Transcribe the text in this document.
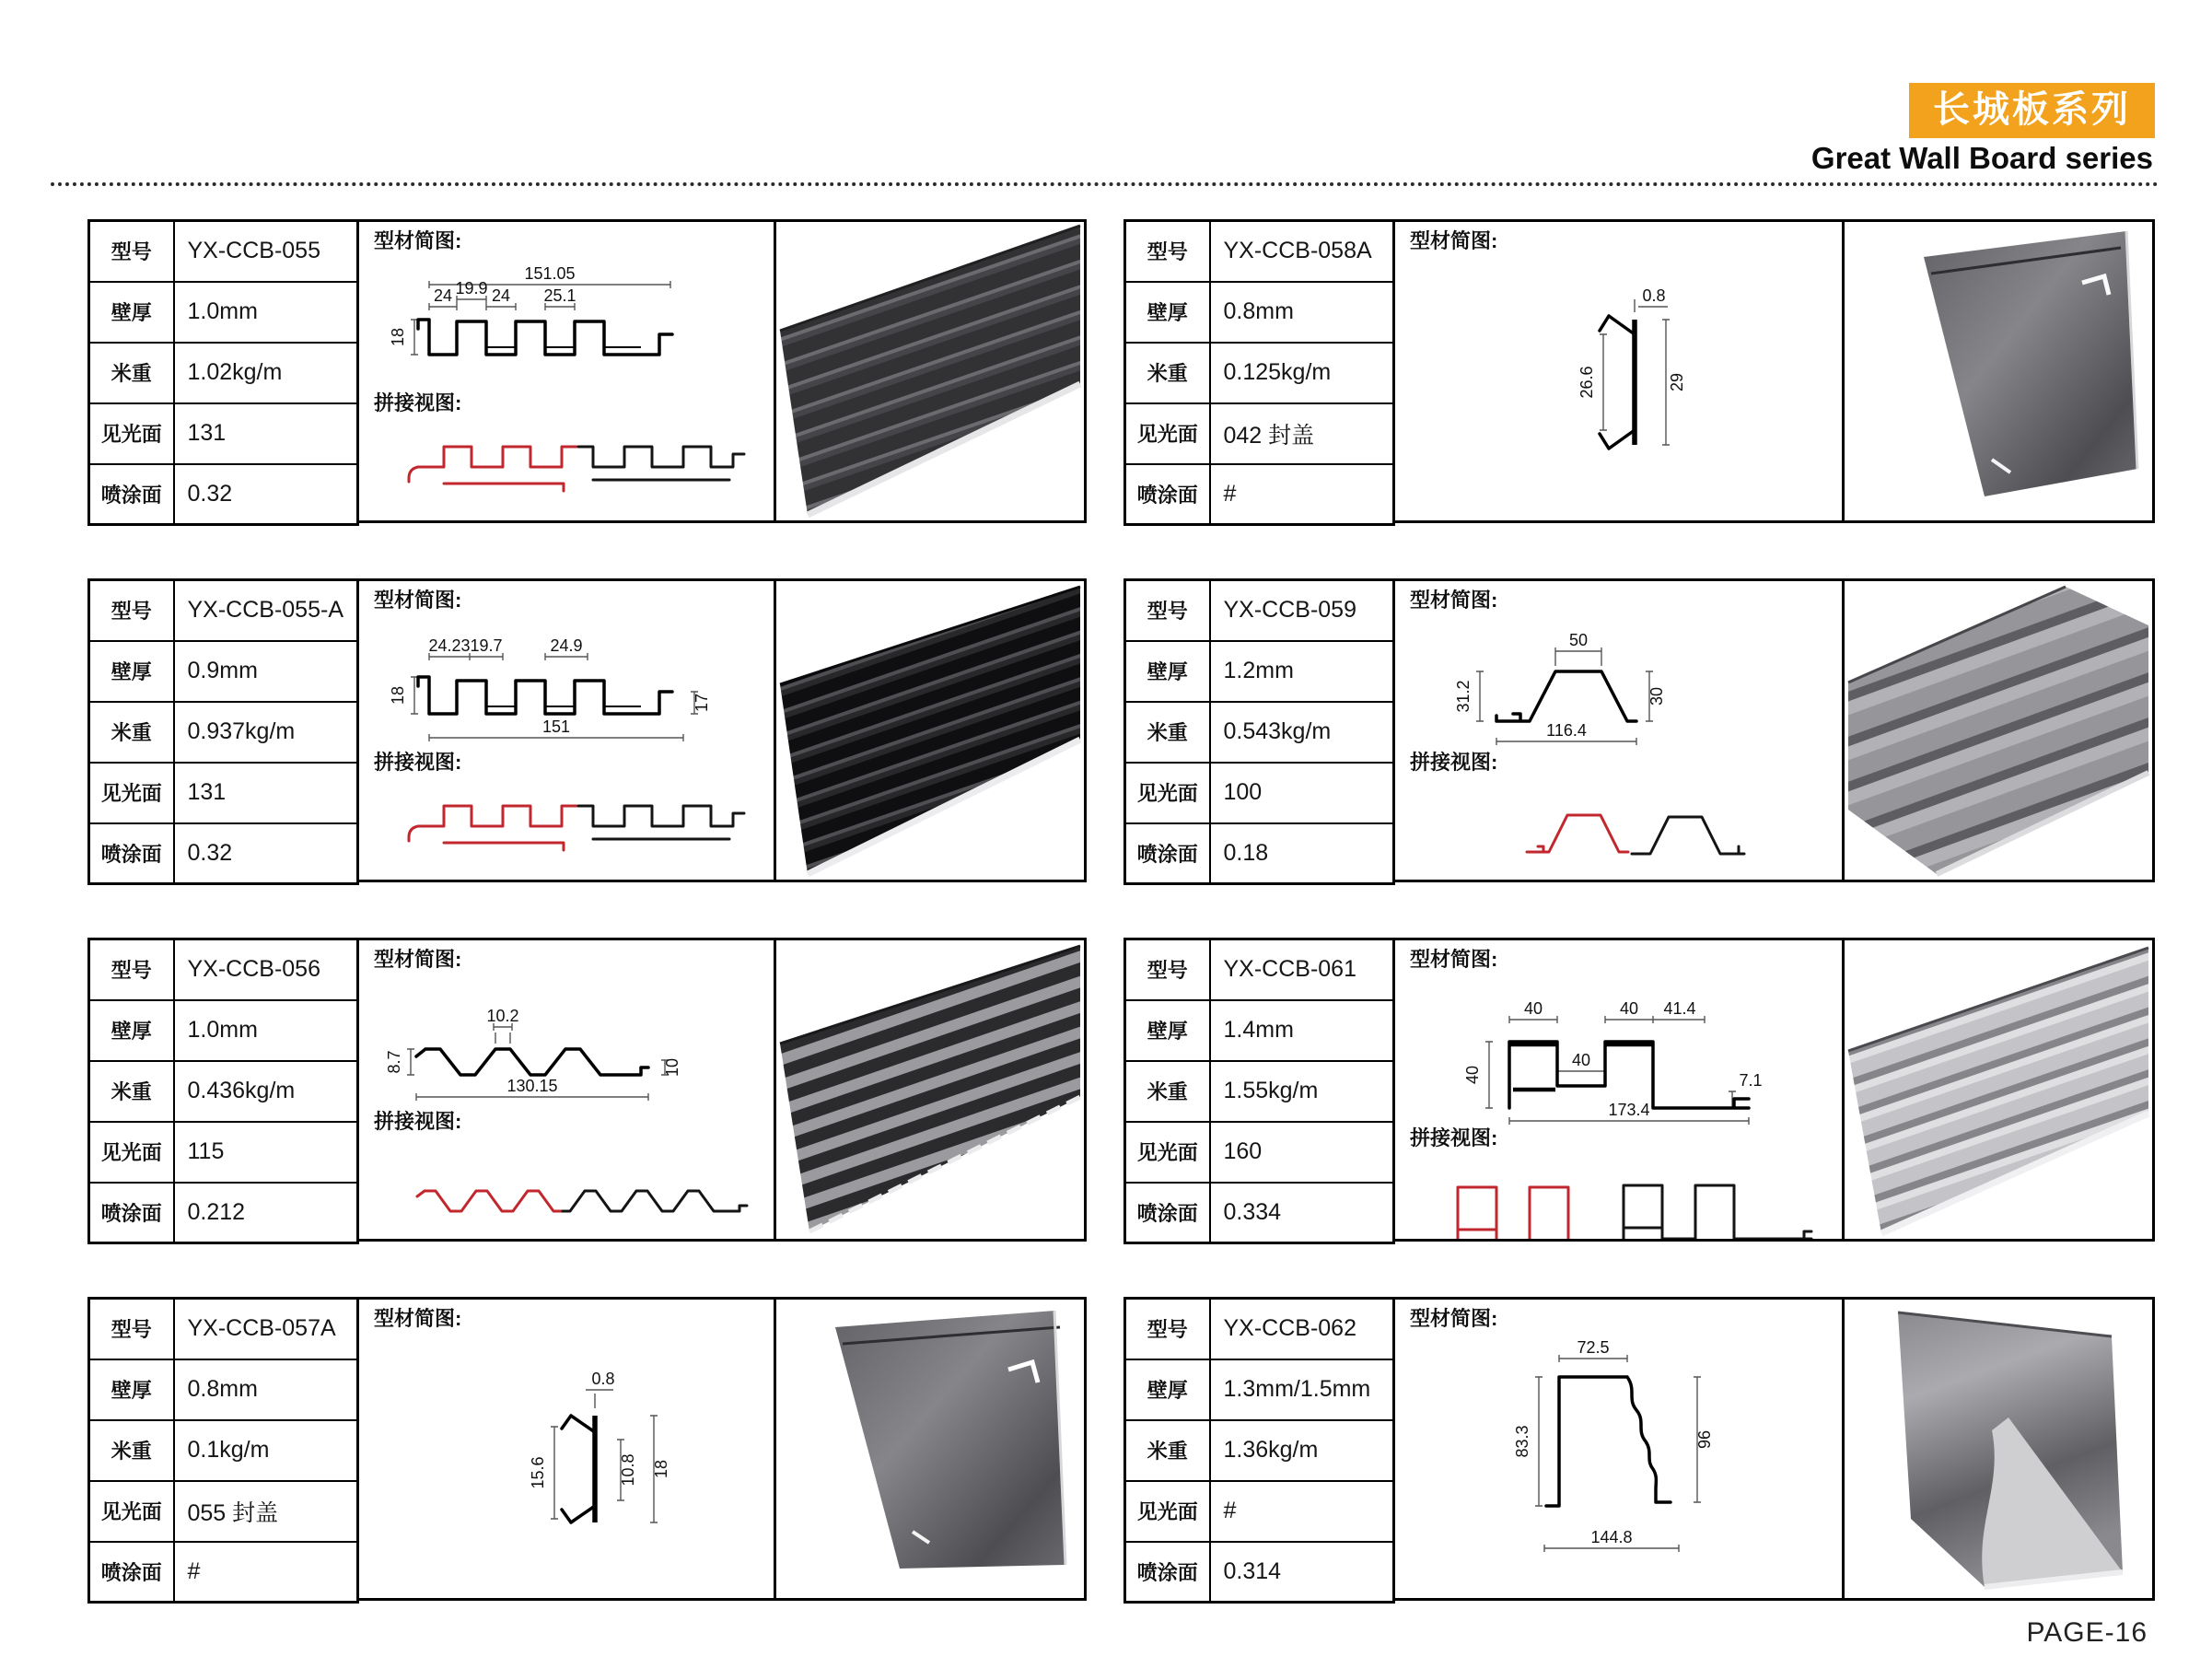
长城板系列
Great Wall Board series
型号	YX-CCB-055
壁厚	1.0mm
米重	1.02kg/m
见光面	131
喷涂面	0.32
型材简图:
151.05
24 19.9 24 25.1
18
拼接视图:
型号	YX-CCB-058A
壁厚	0.8mm
米重	0.125kg/m
见光面	042 封盖
喷涂面	#
型材简图:
0.8
26.6	29
型号	YX-CCB-055-A
壁厚	0.9mm
米重	0.937kg/m
见光面	131
喷涂面	0.32
型材简图:
24.23 19.7	24.9
18	17
151
拼接视图:
型号	YX-CCB-059
壁厚	1.2mm
米重	0.543kg/m
见光面	100
喷涂面	0.18
型材简图:
50
31.2	30
116.4
拼接视图:
型号	YX-CCB-056
壁厚	1.0mm
米重	0.436kg/m
见光面	115
喷涂面	0.212
型材简图:
10.2
8.7	10
130.15
拼接视图:
型号	YX-CCB-061
壁厚	1.4mm
米重	1.55kg/m
见光面	160
喷涂面	0.334
型材简图:
40	40 41.4
40
40	7.1
173.4
拼接视图:
型号	YX-CCB-057A
壁厚	0.8mm
米重	0.1kg/m
见光面	055 封盖
喷涂面	#
型材简图:
0.8
15.6	10.8 18
型号	YX-CCB-062
壁厚	1.3mm/1.5mm
米重	1.36kg/m
见光面	#
喷涂面	0.314
型材简图:
72.5
83.3	96
144.8
PAGE-16
